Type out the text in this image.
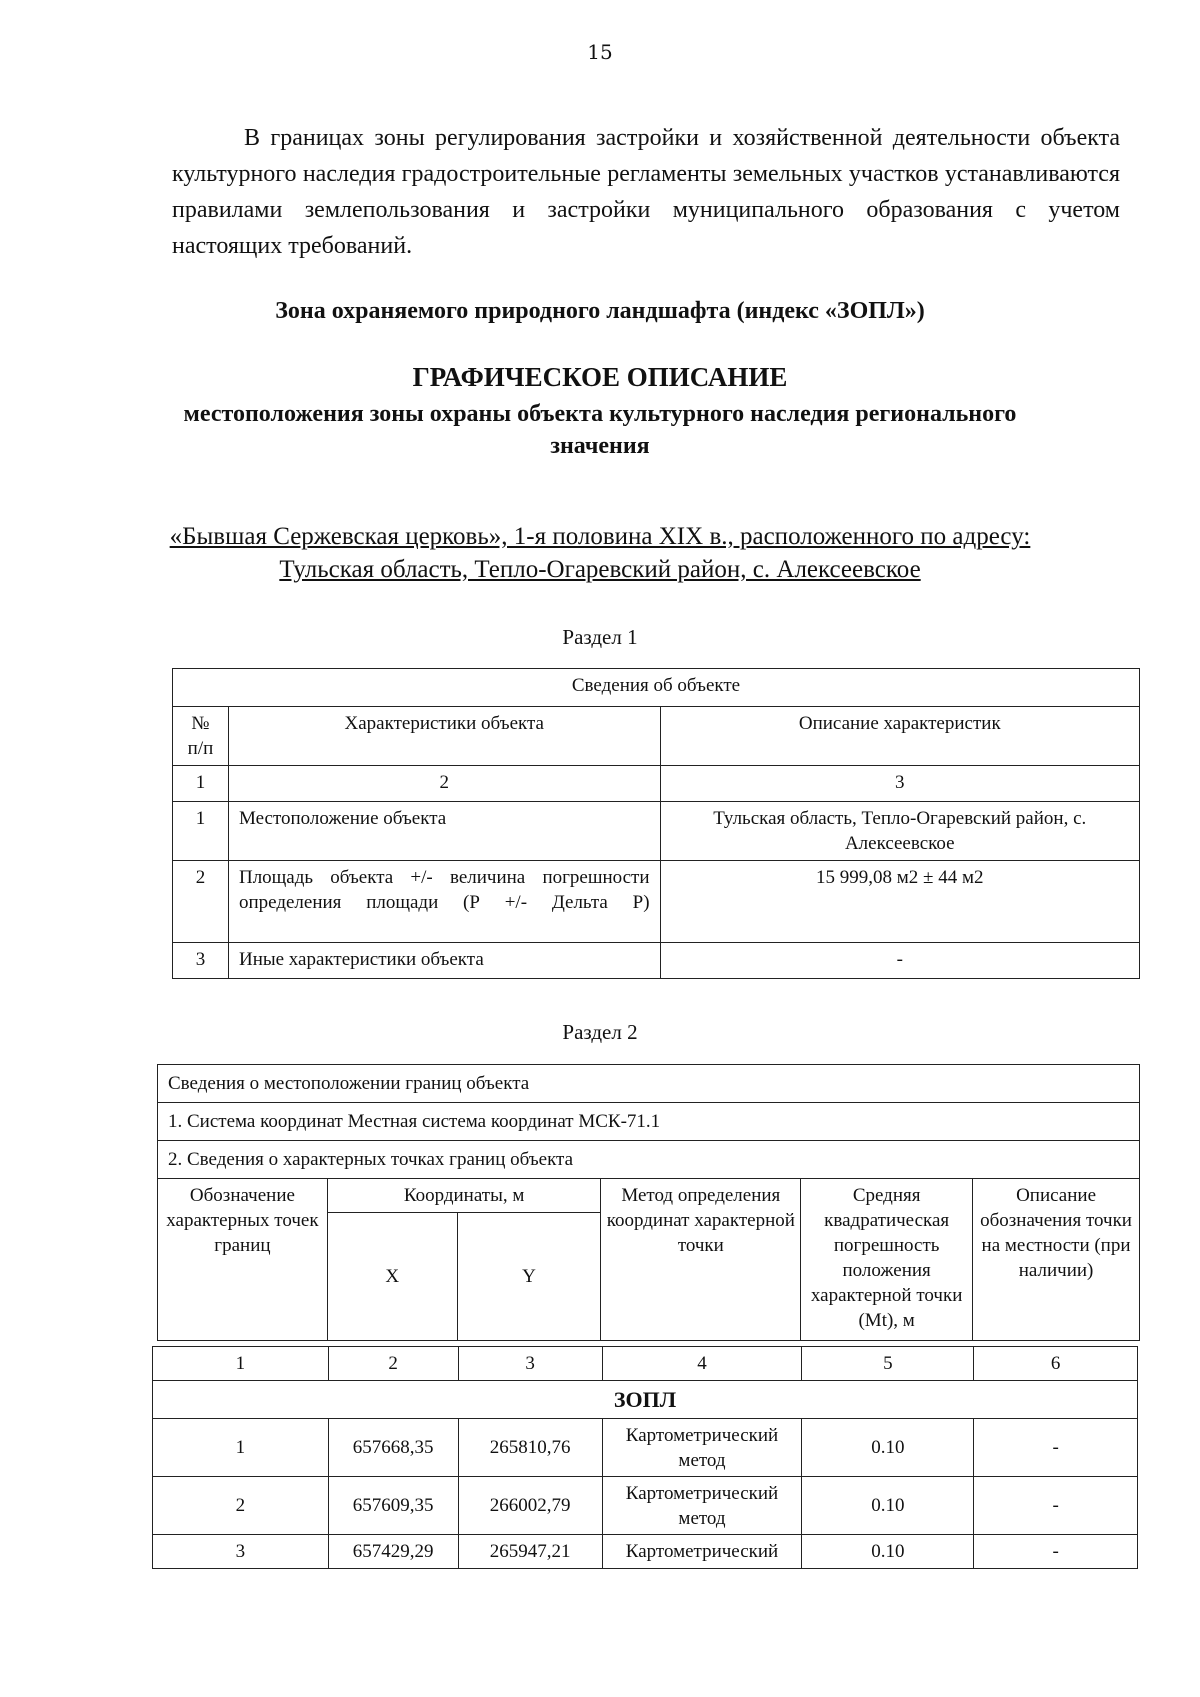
15

В границах зоны регулирования застройки и хозяйственной деятельности объекта культурного наследия градостроительные регламенты земельных участков устанавливаются правилами землепользования и застройки муниципального образования с учетом настоящих требований.

Зона охраняемого природного ландшафта (индекс «ЗОПЛ»)
ГРАФИЧЕСКОЕ ОПИСАНИЕ
местоположения зоны охраны объекта культурного наследия регионального значения
«Бывшая Сержевская церковь», 1-я половина XIX в., расположенного по адресу: Тульская область, Тепло-Огаревский район, с. Алексеевское
Раздел 1
Сведения об объекте		
№ п/п	Характеристики объекта	Описание характеристик
1	2	3
1	Местоположение объекта	Тульская область, Тепло-Огаревский район, с. Алексеевское
2	Площадь объекта +/- величина погрешности определения площади (Р +/- Дельта Р)	15 999,08 м2 ± 44 м2
3	Иные характеристики объекта	-
Раздел 2
Сведения о местоположении границ объекта					
1. Система координат Местная система координат МСК-71.1					
2. Сведения о характерных точках границ объекта					
Обозначение характерных точек границ	Координаты, м		Метод определения координат характерной точки	Средняя квадратическая погрешность положения характерной точки (Mt), м	Описание обозначения точки на местности (при наличии)
	X	Y			
1	2	3	4	5	6
ЗОПЛ					
1	657668,35	265810,76	Картометрический метод	0.10	-
2	657609,35	266002,79	Картометрический метод	0.10	-
3	657429,29	265947,21	Картометрический	0.10	-
